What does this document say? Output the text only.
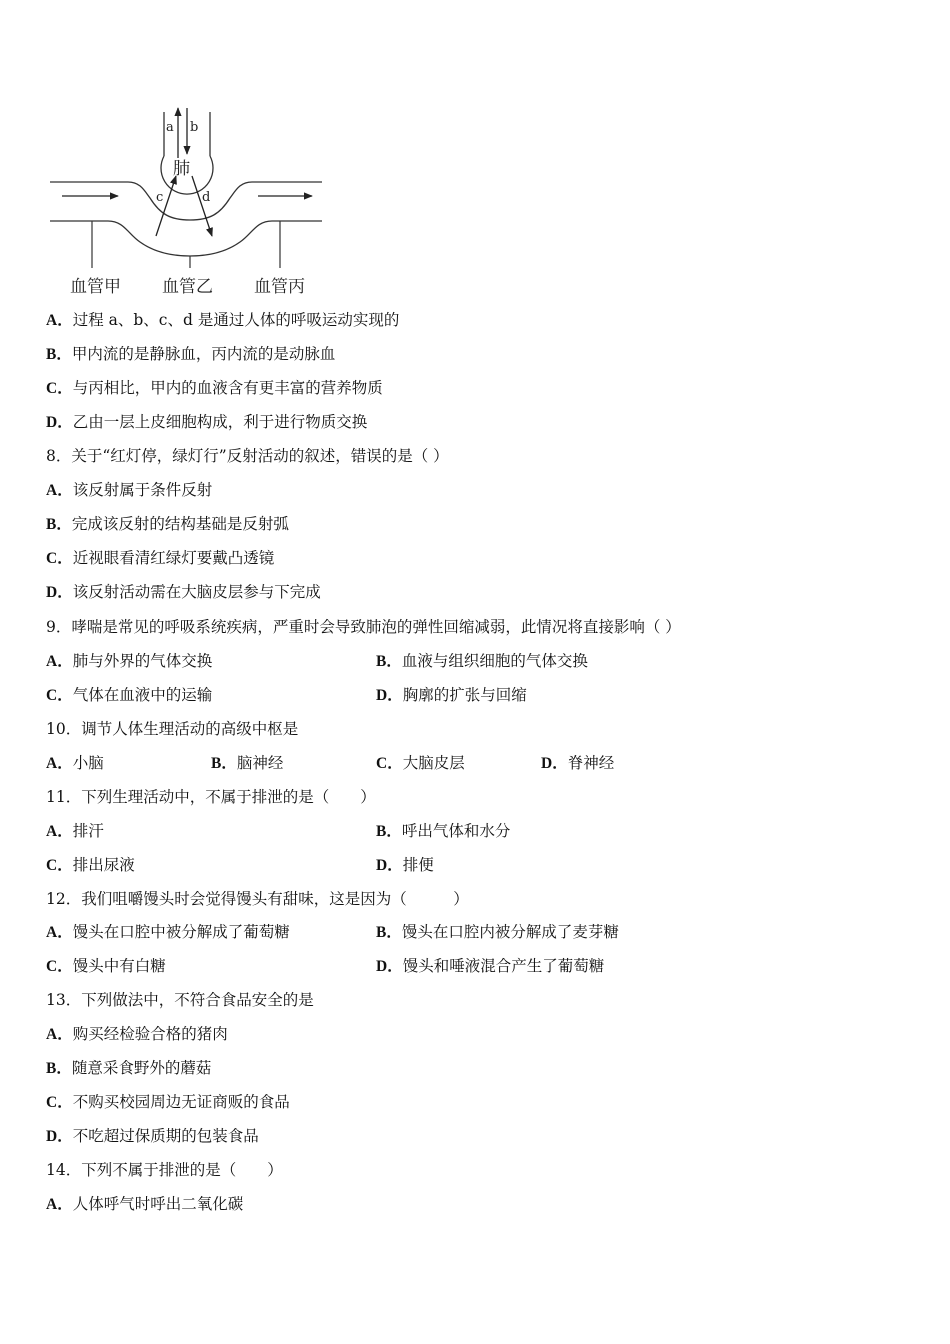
a b
肺
c	d
血管甲 血管乙 血管丙
A．过程 a、b、c、d 是通过人体的呼吸运动实现的
B．甲内流的是静脉血，丙内流的是动脉血
C．与丙相比，甲内的血液含有更丰富的营养物质
D．乙由一层上皮细胞构成，利于进行物质交换
8．关于“红灯停，绿灯行”反射活动的叙述，错误的是（ ）
A．该反射属于条件反射
B．完成该反射的结构基础是反射弧
C．近视眼看清红绿灯要戴凸透镜
D．该反射活动需在大脑皮层参与下完成
9．哮喘是常见的呼吸系统疾病，严重时会导致肺泡的弹性回缩减弱，此情况将直接影响（ ）
A．肺与外界的气体交换	B．血液与组织细胞的气体交换
C．气体在血液中的运输	D．胸廓的扩张与回缩
10．调节人体生理活动的高级中枢是
A．小脑	B．脑神经	C．大脑皮层	D．脊神经
11．下列生理活动中，不属于排泄的是（　　）
A．排汗	B．呼出气体和水分
C．排出尿液	D．排便
12．我们咀嚼馒头时会觉得馒头有甜味，这是因为（　　　）
A．馒头在口腔中被分解成了葡萄糖	B．馒头在口腔内被分解成了麦芽糖
C．馒头中有白糖	D．馒头和唾液混合产生了葡萄糖
13．下列做法中，不符合食品安全的是
A．购买经检验合格的猪肉
B．随意采食野外的蘑菇
C．不购买校园周边无证商贩的食品
D．不吃超过保质期的包装食品
14．下列不属于排泄的是（　　）
A．人体呼气时呼出二氧化碳
